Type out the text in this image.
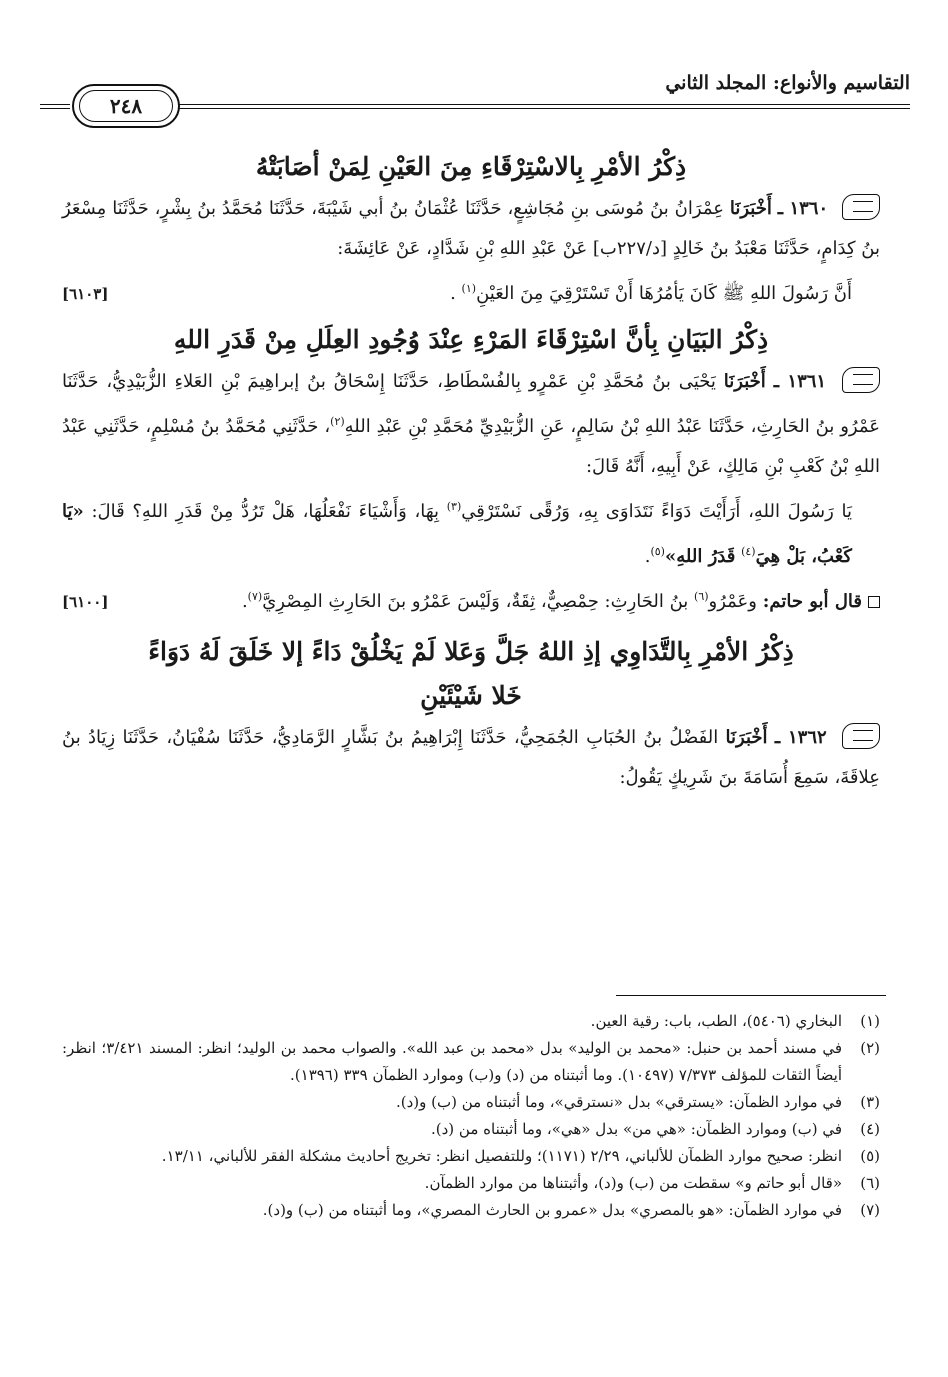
التقاسيم والأنواع: المجلد الثاني
٢٤٨
ذِكْرُ الأمْرِ بِالاسْتِرْقَاءِ مِنَ العَيْنِ لِمَنْ أصَابَتْهُ

١٣٦٠ ـ أَخْبَرَنَا عِمْرَانُ بنُ مُوسَى بنِ مُجَاشِعٍ، حَدَّثَنَا عُثْمَانُ بنُ أبي شَيْبَةَ، حَدَّثَنَا مُحَمَّدُ بنُ بِشْرٍ، حَدَّثَنَا مِسْعَرُ بنُ كِدَامٍ، حَدَّثَنَا مَعْبَدُ بنُ خَالِدٍ [د/٢٢٧ب] عَنْ عَبْدِ اللهِ بْنِ شَدَّادٍ، عَنْ عَائِشَةَ:

أَنَّ رَسُولَ اللهِ ﷺ كَانَ يَأمُرُهَا أَنْ تَسْتَرْقِيَ مِنَ العَيْنِ$^{(١)}$ .
[٦١٠٣]
ذِكْرُ البَيَانِ بِأنَّ اسْتِرْقَاءَ المَرْءِ عِنْدَ وُجُودِ العِلَلِ مِنْ قَدَرِ اللهِ

١٣٦١ ـ أَخْبَرَنَا يَحْيَى بنُ مُحَمَّدِ بْنِ عَمْرٍو بِالفُسْطَاطِ، حَدَّثَنَا إِسْحَاقُ بنُ إبراهِيمَ بْنِ العَلاءِ الزُّبَيْدِيُّ، حَدَّثَنَا عَمْرُو بنُ الحَارِثِ، حَدَّثَنَا عَبْدُ اللهِ بْنُ سَالِمٍ، عَنِ الزُّبَيْدِيِّ مُحَمَّدِ بْنِ عَبْدِ اللهِ$^{(٢)}$، حَدَّثَنِي مُحَمَّدُ بنُ مُسْلِمٍ، حَدَّثَنِي عَبْدُ اللهِ بْنُ كَعْبِ بْنِ مَالِكٍ، عَنْ أَبِيهِ، أَنَّهُ قَالَ:

يَا رَسُولَ اللهِ، أَرَأَيْتَ دَوَاءً نَتَدَاوَى بِهِ، وَرُقًى نَسْتَرْقِي$^{(٣)}$ بِهَا، وَأَشْيَاءَ نَفْعَلُهَا، هَلْ تَرُدُّ مِنْ قَدَرِ اللهِ؟ قَالَ: «يَا كَعْبُ، بَلْ هِيَ$^{(٤)}$ قَدَرُ اللهِ»$^{(٥)}$.

قال أبو حاتم: وعَمْرُو$^{(٦)}$ بنُ الحَارِثِ: حِمْصِيٌّ، ثِقَةٌ، وَلَيْسَ عَمْرُو بنَ الحَارِثِ المِصْرِيَّ$^{(٧)}$.
[٦١٠٠]
ذِكْرُ الأمْرِ بِالتَّدَاوِي إذِ اللهُ جَلَّ وَعَلا لَمْ يَخْلُقْ دَاءً إلا خَلَقَ لَهُ دَوَاءً
خَلا شَيْئَيْنِ

١٣٦٢ ـ أَخْبَرَنَا الفَضْلُ بنُ الحُبَابِ الجُمَحِيُّ، حَدَّثَنَا إِبْرَاهِيمُ بنُ بَشَّارٍ الرَّمَادِيُّ، حَدَّثَنَا سُفْيَانُ، حَدَّثَنَا زِيَادُ بنُ عِلاقَةَ، سَمِعَ أُسَامَةَ بنَ شَرِيكٍ يَقُولُ:

(١)
البخاري (٥٤٠٦)، الطب، باب: رقية العين.

(٢)
في مسند أحمد بن حنبل: «محمد بن الوليد» بدل «محمد بن عبد الله». والصواب محمد بن الوليد؛ انظر: المسند ٣/٤٢١؛ انظر: أيضاً الثقات للمؤلف ٧/٣٧٣ (١٠٤٩٧). وما أثبتناه من (د) و(ب) وموارد الظمآن ٣٣٩ (١٣٩٦).

(٣)
في موارد الظمآن: «يسترقي» بدل «نسترقي»، وما أثبتناه من (ب) و(د).

(٤)
في (ب) وموارد الظمآن: «هي من» بدل «هي»، وما أثبتناه من (د).

(٥)
انظر: صحيح موارد الظمآن للألباني، ٢/٢٩ (١١٧١)؛ وللتفصيل انظر: تخريج أحاديث مشكلة الفقر للألباني، ١٣/١١.

(٦)
«قال أبو حاتم و» سقطت من (ب) و(د)، وأثبتناها من موارد الظمآن.

(٧)
في موارد الظمآن: «هو بالمصري» بدل «عمرو بن الحارث المصري»، وما أثبتناه من (ب) و(د).
